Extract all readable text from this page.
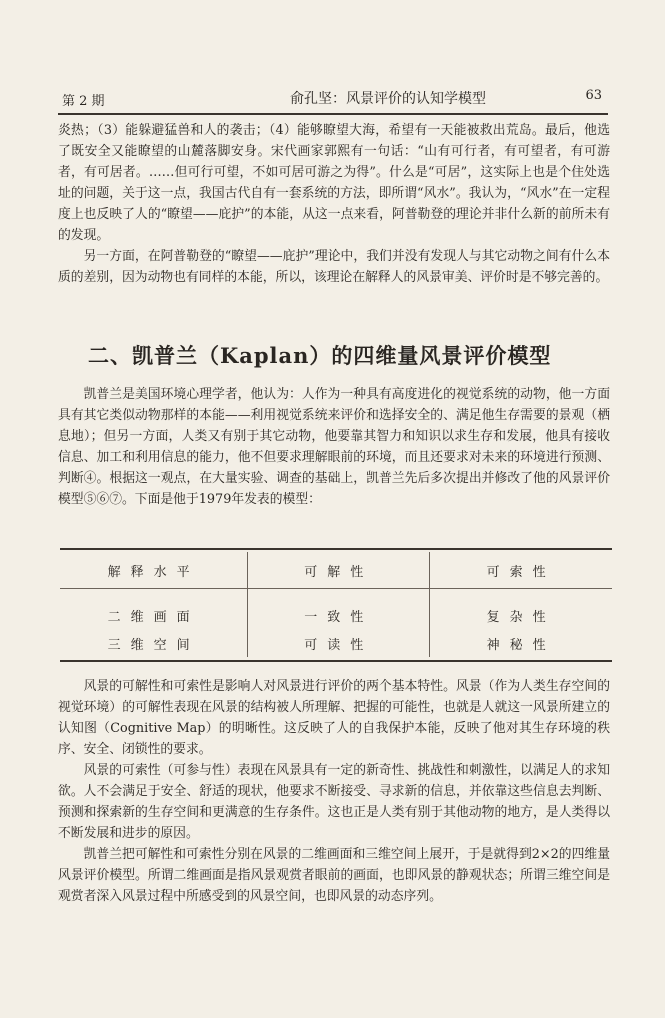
第 2 期	俞孔坚：风景评价的认知学模型	63

炎热；（3）能躲避猛兽和人的袭击；（4）能够瞭望大海，希望有一天能被救出荒岛。最后，他选了既安全又能瞭望的山麓落脚安身。宋代画家郭熙有一句话：“山有可行者，有可望者，有可游者，有可居者。……但可行可望，不如可居可游之为得”。什么是“可居”，这实际上也是个住处选址的问题，关于这一点，我国古代自有一套系统的方法，即所谓“风水”。我认为，“风水”在一定程度上也反映了人的“瞭望——庇护”的本能，从这一点来看，阿普勒登的理论并非什么新的前所未有的发现。

另一方面，在阿普勒登的“瞭望——庇护”理论中，我们并没有发现人与其它动物之间有什么本质的差别，因为动物也有同样的本能，所以，该理论在解释人的风景审美、评价时是不够完善的。

二、凯普兰（Kaplan）的四维量风景评价模型

凯普兰是美国环境心理学者，他认为：人作为一种具有高度进化的视觉系统的动物，他一方面具有其它类似动物那样的本能——利用视觉系统来评价和选择安全的、满足他生存需要的景观（栖息地）；但另一方面，人类又有别于其它动物，他要靠其智力和知识以求生存和发展，他具有接收信息、加工和利用信息的能力，他不但要求理解眼前的环境，而且还要求对未来的环境进行预测、判断④。根据这一观点，在大量实验、调查的基础上，凯普兰先后多次提出并修改了他的风景评价模型⑤⑥⑦。下面是他于1979年发表的模型：

解释水平	可解性	可索性

二维画面	一致性	复杂性
三维空间	可读性	神秘性

风景的可解性和可索性是影响人对风景进行评价的两个基本特性。风景（作为人类生存空间的视觉环境）的可解性表现在风景的结构被人所理解、把握的可能性，也就是人就这一风景所建立的认知图（Cognitive Map）的明晰性。这反映了人的自我保护本能，反映了他对其生存环境的秩序、安全、闭锁性的要求。

风景的可索性（可参与性）表现在风景具有一定的新奇性、挑战性和刺激性，以满足人的求知欲。人不会满足于安全、舒适的现状，他要求不断接受、寻求新的信息，并依靠这些信息去判断、预测和探索新的生存空间和更满意的生存条件。这也正是人类有别于其他动物的地方，是人类得以不断发展和进步的原因。

凯普兰把可解性和可索性分别在风景的二维画面和三维空间上展开，于是就得到2×2的四维量风景评价模型。所谓二维画面是指风景观赏者眼前的画面，也即风景的静观状态；所谓三维空间是观赏者深入风景过程中所感受到的风景空间，也即风景的动态序列。
